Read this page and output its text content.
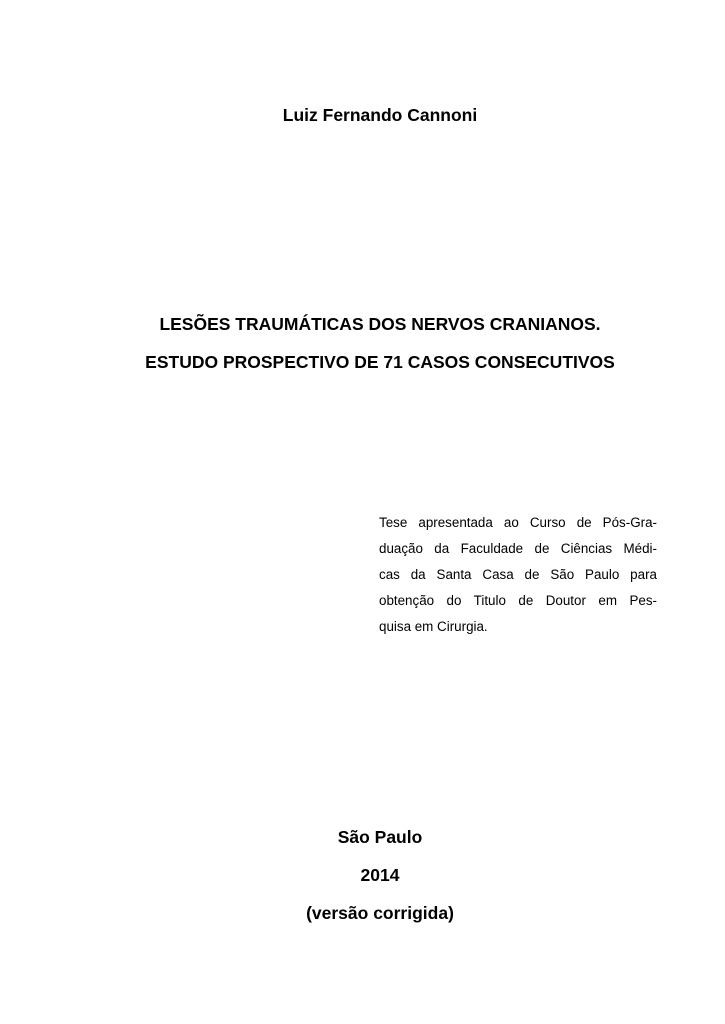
Luiz Fernando Cannoni

LESÕES TRAUMÁTICAS DOS NERVOS CRANIANOS.

ESTUDO PROSPECTIVO DE 71 CASOS CONSECUTIVOS

Tese apresentada ao Curso de Pós-Gra-
duação da Faculdade de Ciências Médi-
cas da Santa Casa de São Paulo para
obtenção do Titulo de Doutor em Pes-
quisa em Cirurgia.

São Paulo

2014

(versão corrigida)
